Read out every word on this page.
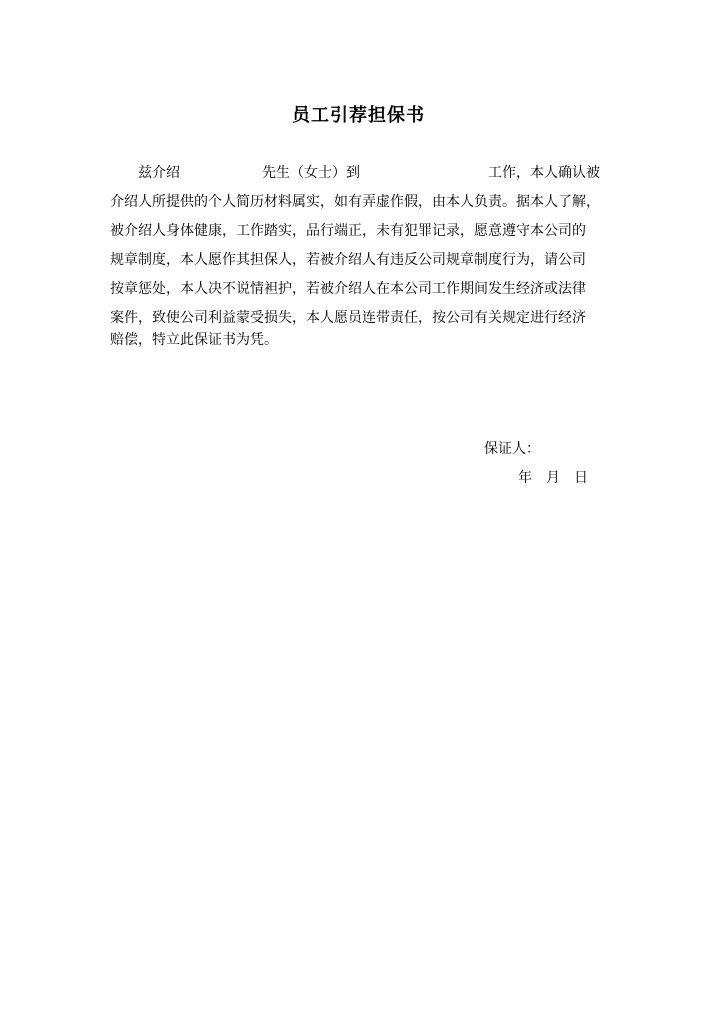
员工引荐担保书
兹介绍	先生（女士）到	工作，本人确认被
介绍人所提供的个人简历材料属实，如有弄虚作假，由本人负责。据本人了解，
被介绍人身体健康，工作踏实，品行端正，未有犯罪记录，愿意遵守本公司的
规章制度，本人愿作其担保人，若被介绍人有违反公司规章制度行为，请公司
按章惩处，本人决不说情袒护，若被介绍人在本公司工作期间发生经济或法律
案件，致使公司利益蒙受损失，本人愿员连带责任，按公司有关规定进行经济
赔偿，特立此保证书为凭。
保证人：
年　月　日
